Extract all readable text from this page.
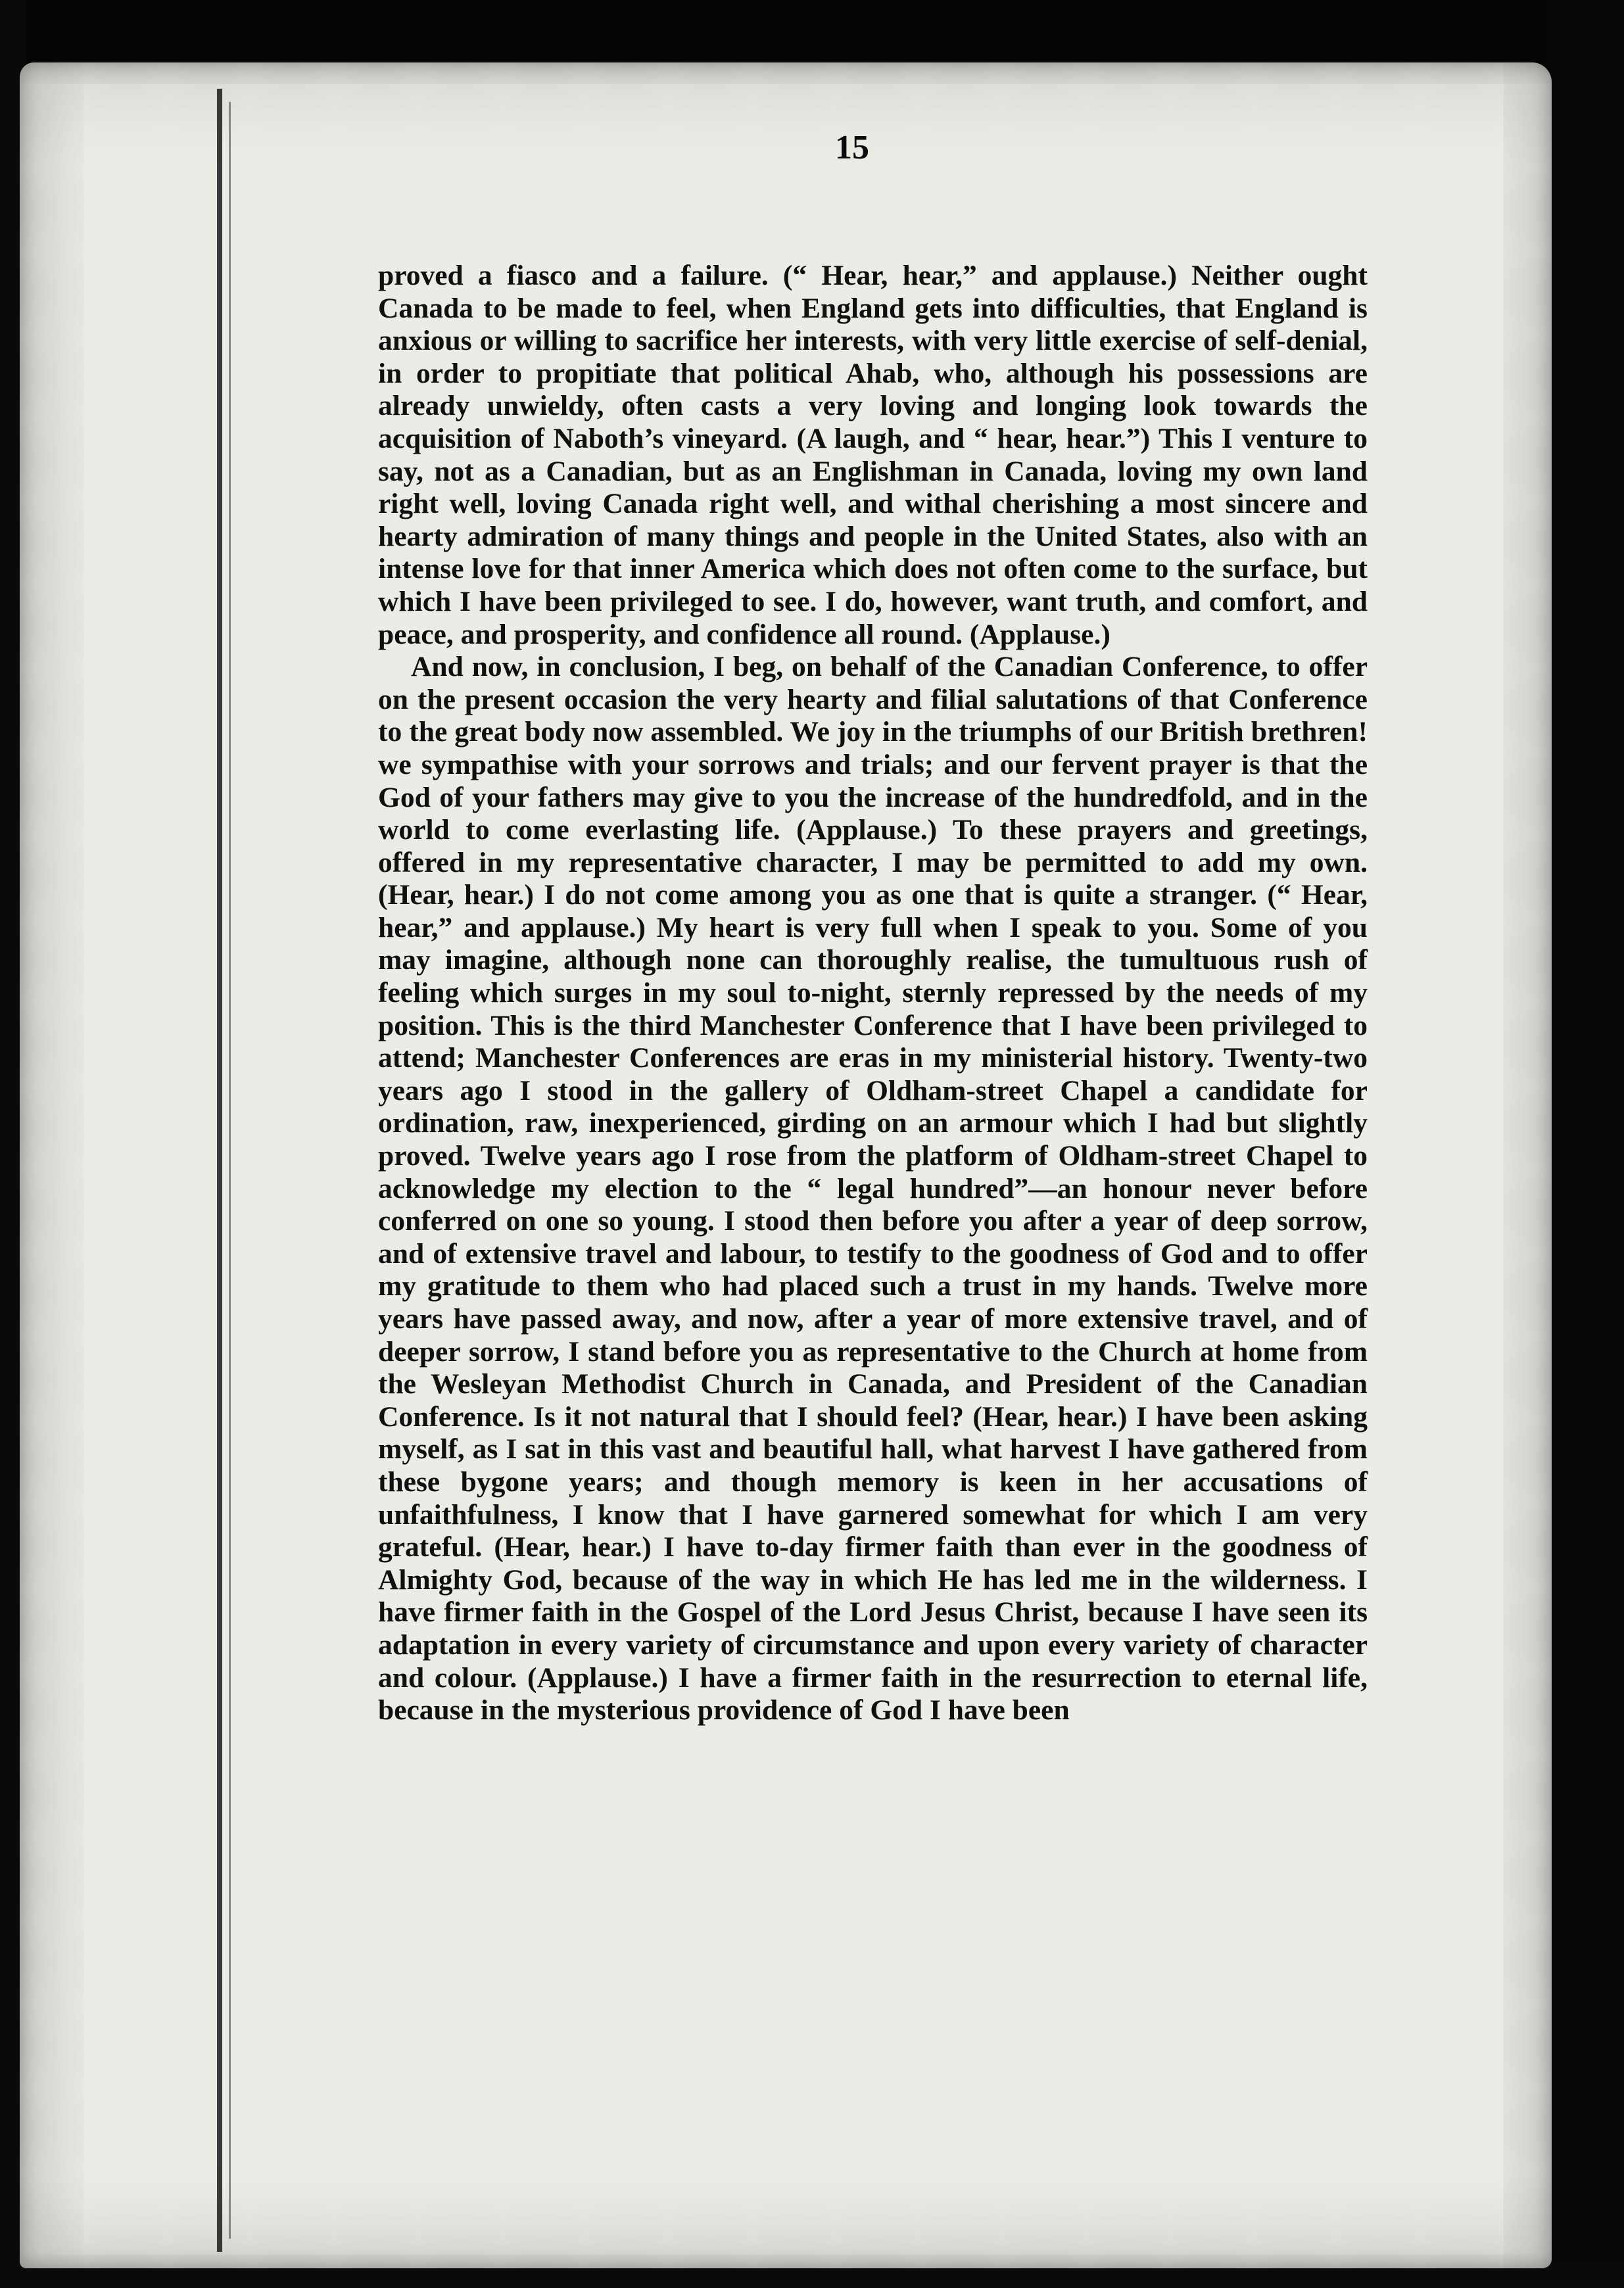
15

proved a fiasco and a failure. (“ Hear, hear,” and applause.) Neither ought Canada to be made to feel, when England gets into difficulties, that England is anxious or willing to sacrifice her interests, with very little exercise of self-denial, in order to propitiate that political Ahab, who, although his possessions are already unwieldy, often casts a very loving and longing look towards the acquisition of Naboth’s vineyard. (A laugh, and “ hear, hear.”) This I venture to say, not as a Canadian, but as an Englishman in Canada, loving my own land right well, loving Canada right well, and withal cherishing a most sincere and hearty admiration of many things and people in the United States, also with an intense love for that inner America which does not often come to the surface, but which I have been privileged to see. I do, however, want truth, and comfort, and peace, and prosperity, and confidence all round. (Applause.)

And now, in conclusion, I beg, on behalf of the Canadian Conference, to offer on the present occasion the very hearty and filial salutations of that Conference to the great body now assembled. We joy in the triumphs of our British brethren! we sympathise with your sorrows and trials; and our fervent prayer is that the God of your fathers may give to you the increase of the hundredfold, and in the world to come everlasting life. (Applause.) To these prayers and greetings, offered in my representative character, I may be permitted to add my own. (Hear, hear.) I do not come among you as one that is quite a stranger. (“ Hear, hear,” and applause.) My heart is very full when I speak to you. Some of you may imagine, although none can thoroughly realise, the tumultuous rush of feeling which surges in my soul to-night, sternly repressed by the needs of my position. This is the third Manchester Conference that I have been privileged to attend; Manchester Conferences are eras in my ministerial history. Twenty-two years ago I stood in the gallery of Oldham-street Chapel a candidate for ordination, raw, inexperienced, girding on an armour which I had but slightly proved. Twelve years ago I rose from the platform of Oldham-street Chapel to acknowledge my election to the “ legal hundred”—an honour never before conferred on one so young. I stood then before you after a year of deep sorrow, and of extensive travel and labour, to testify to the goodness of God and to offer my gratitude to them who had placed such a trust in my hands. Twelve more years have passed away, and now, after a year of more extensive travel, and of deeper sorrow, I stand before you as representative to the Church at home from the Wesleyan Methodist Church in Canada, and President of the Canadian Conference. Is it not natural that I should feel? (Hear, hear.) I have been asking myself, as I sat in this vast and beautiful hall, what harvest I have gathered from these bygone years; and though memory is keen in her accusations of unfaithfulness, I know that I have garnered somewhat for which I am very grateful. (Hear, hear.) I have to-day firmer faith than ever in the goodness of Almighty God, because of the way in which He has led me in the wilderness. I have firmer faith in the Gospel of the Lord Jesus Christ, because I have seen its adaptation in every variety of circumstance and upon every variety of character and colour. (Applause.) I have a firmer faith in the resurrection to eternal life, because in the mysterious providence of God I have been
